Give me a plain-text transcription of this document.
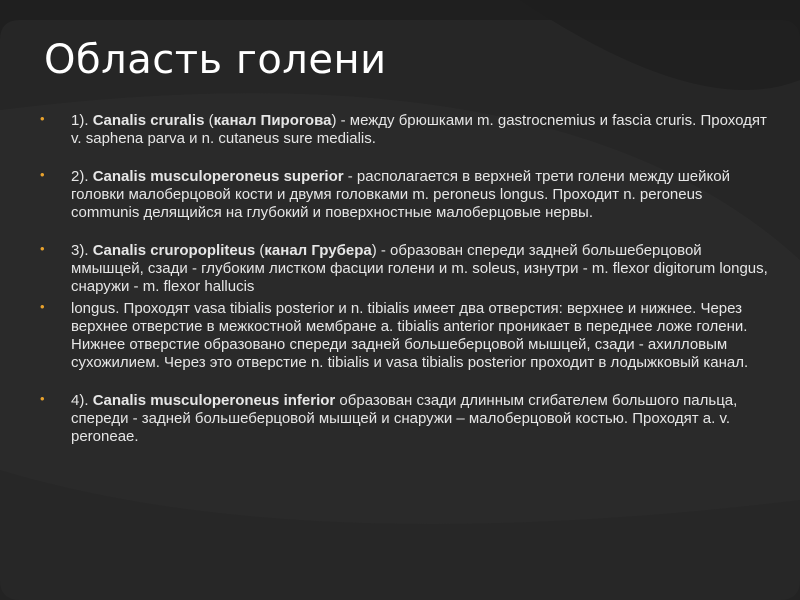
Область голени
• 1). Canalis cruralis (канал Пирогова) - между брюшками m. gastrocnemius и fascia cruris. Проходят v. saphena parva и n. cutaneus sure medialis.
• 2). Canalis musculoperoneus superior - располагается в верхней трети голени между шейкой головки малоберцовой кости и двумя головками m. peroneus longus. Проходит n. peroneus communis делящийся на глубокий и поверхностные малоберцовые нервы.
• 3). Canalis cruropopliteus (канал Грубера) - образован спереди задней большеберцовой ммышцей, сзади - глубоким листком фасции голени и m. soleus, изнутри - m. flexor digitorum longus, снаружи - m. flexor hallucis
• longus. Проходят vasa tibialis posterior и n. tibialis имеет два отверстия: верхнее и нижнее. Через верхнее отверстие в межкостной мембране a. tibialis anterior проникает в переднее ложе голени. Нижнее отверстие образовано спереди задней большеберцовой мышцей, сзади - ахилловым сухожилием. Через это отверстие n. tibialis и vasa tibialis posterior проходит в лодыжковый канал.
• 4). Canalis musculoperoneus inferior образован сзади длинным сгибателем большого пальца, спереди - задней большеберцовой мышцей и снаружи – малоберцовой костью. Проходят a. v. peroneae.
